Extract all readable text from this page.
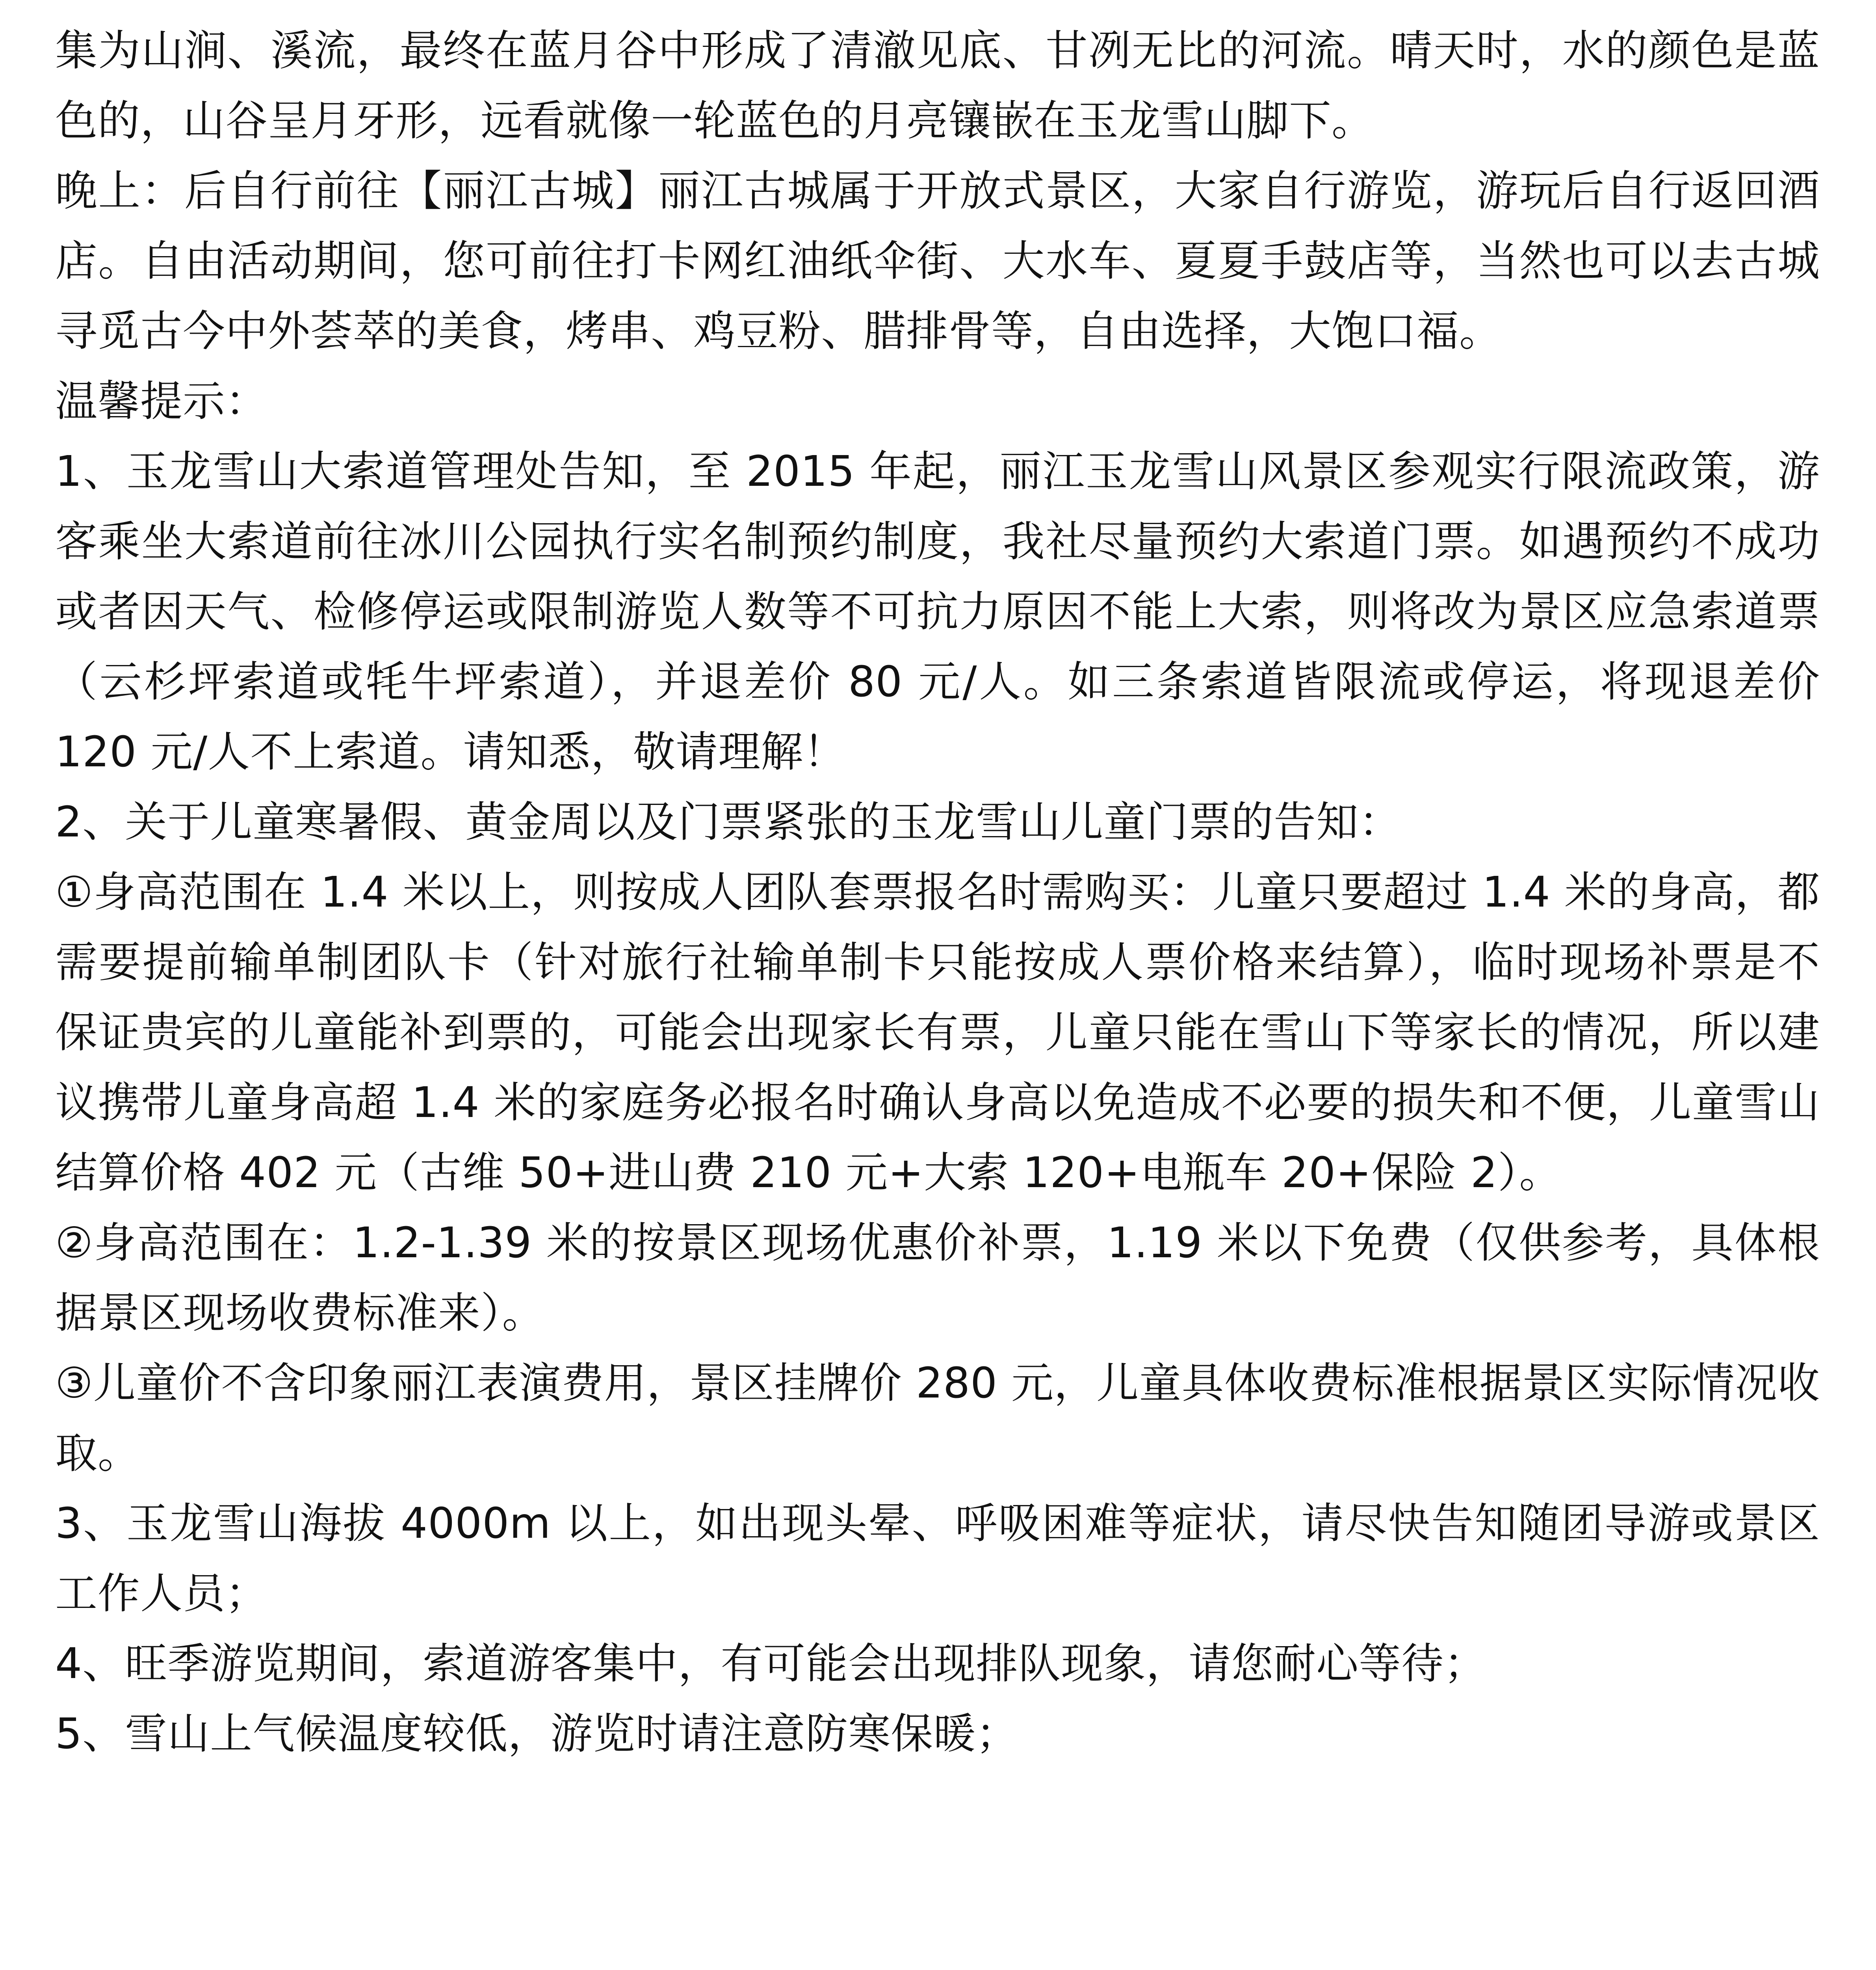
集为山涧、溪流，最终在蓝月谷中形成了清澈见底、甘冽无比的河流。晴天时，水的颜色是蓝色的，山谷呈月牙形，远看就像一轮蓝色的月亮镶嵌在玉龙雪山脚下。

晚上：后自行前往【丽江古城】丽江古城属于开放式景区，大家自行游览，游玩后自行返回酒店。自由活动期间，您可前往打卡网红油纸伞街、大水车、夏夏手鼓店等，当然也可以去古城寻觅古今中外荟萃的美食，烤串、鸡豆粉、腊排骨等，自由选择，大饱口福。

温馨提示：

1、玉龙雪山大索道管理处告知，至 2015 年起，丽江玉龙雪山风景区参观实行限流政策，游客乘坐大索道前往冰川公园执行实名制预约制度，我社尽量预约大索道门票。如遇预约不成功或者因天气、检修停运或限制游览人数等不可抗力原因不能上大索，则将改为景区应急索道票（云杉坪索道或牦牛坪索道），并退差价 80 元/人。如三条索道皆限流或停运，将现退差价 120 元/人不上索道。请知悉，敬请理解！

2、关于儿童寒暑假、黄金周以及门票紧张的玉龙雪山儿童门票的告知：

①身高范围在 1.4 米以上，则按成人团队套票报名时需购买：儿童只要超过 1.4 米的身高，都需要提前输单制团队卡（针对旅行社输单制卡只能按成人票价格来结算），临时现场补票是不保证贵宾的儿童能补到票的，可能会出现家长有票，儿童只能在雪山下等家长的情况，所以建议携带儿童身高超 1.4 米的家庭务必报名时确认身高以免造成不必要的损失和不便，儿童雪山结算价格 402 元（古维 50+进山费 210 元+大索 120+电瓶车 20+保险 2）。

②身高范围在：1.2-1.39 米的按景区现场优惠价补票，1.19 米以下免费（仅供参考，具体根据景区现场收费标准来）。

③儿童价不含印象丽江表演费用，景区挂牌价 280 元，儿童具体收费标准根据景区实际情况收取。

3、玉龙雪山海拔 4000m 以上，如出现头晕、呼吸困难等症状，请尽快告知随团导游或景区工作人员；

4、旺季游览期间，索道游客集中，有可能会出现排队现象，请您耐心等待；

5、雪山上气候温度较低，游览时请注意防寒保暖；
